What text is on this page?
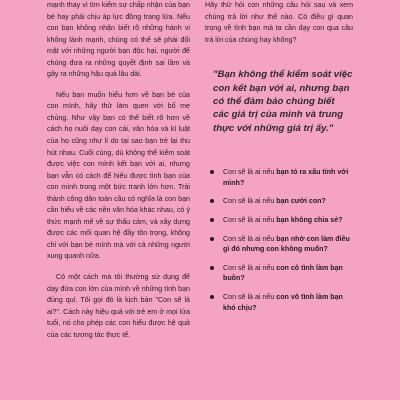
mạnh thay vì tìm kiếm sự chấp nhận của bạn bè hay phải chịu áp lực đồng trang lứa. Nếu con bạn không nhận biết rõ những hành vi không lành mạnh, chúng có thể sẽ phải đối mặt với những người bạn độc hại, người để chúng đưa ra những quyết định sai lầm và gây ra những hậu quả lâu dài.

Nếu bạn muốn hiểu hơn về bạn bè của con mình, hãy thử làm quen với bố mẹ chúng. Như vậy bạn có thể biết rõ hơn về cách họ nuôi dạy con cái, văn hóa và kỉ luật của họ cũng như lí do tại sao bạn trẻ lại thu hút nhau. Cuối cùng, dù không thể kiểm soát được việc con mình kết bạn với ai, nhưng bạn vẫn có cách để hiểu được tình bạn của con mình trong một bức tranh lớn hơn. Trải thành công dân toàn cầu có nghĩa là con bạn cần hiểu về các nền văn hóa khác nhau, có ý thức mạnh mẽ về sự thấu cảm, và xây dựng được các mối quan hệ đầy tôn trọng, không chỉ với bạn bè mình mà với cả những người xung quanh nữa.

Có một cách mà tôi thường sử dụng để dạy đứa con lớn của mình về những tình bạn đúng quí. Tôi gọi đó là kịch bản "Con sẽ là ai?". Cách này hiệu quả với trẻ em ở mọi lứa tuổi, nó cho phép các con hiểu được hệ quả của các tương tác thực tế.

Hãy thử hỏi con những câu hỏi sau và xem chúng trả lời như thế nào. Có điều gì quan trọng về tình bạn mà ta cần dạy con qua câu trả lời của chúng hay không?

"Bạn không thể kiểm soát việc con kết bạn với ai, nhưng bạn có thể đảm bảo chúng biết các giá trị của mình và trung thực với những giá trị ấy."

Con sẽ là ai nếu bạn tỏ ra xấu tính với mình?
Con sẽ là ai nếu bạn cười con?
Con sẽ là ai nếu bạn không chia sẻ?
Con sẽ là ai nếu bạn nhờ con làm điều gì đó nhưng con không muốn?
Con sẽ là ai nếu con cô tình làm bạn buồn?
Con sẽ là ai nếu con vô tình làm bạn khó chịu?
